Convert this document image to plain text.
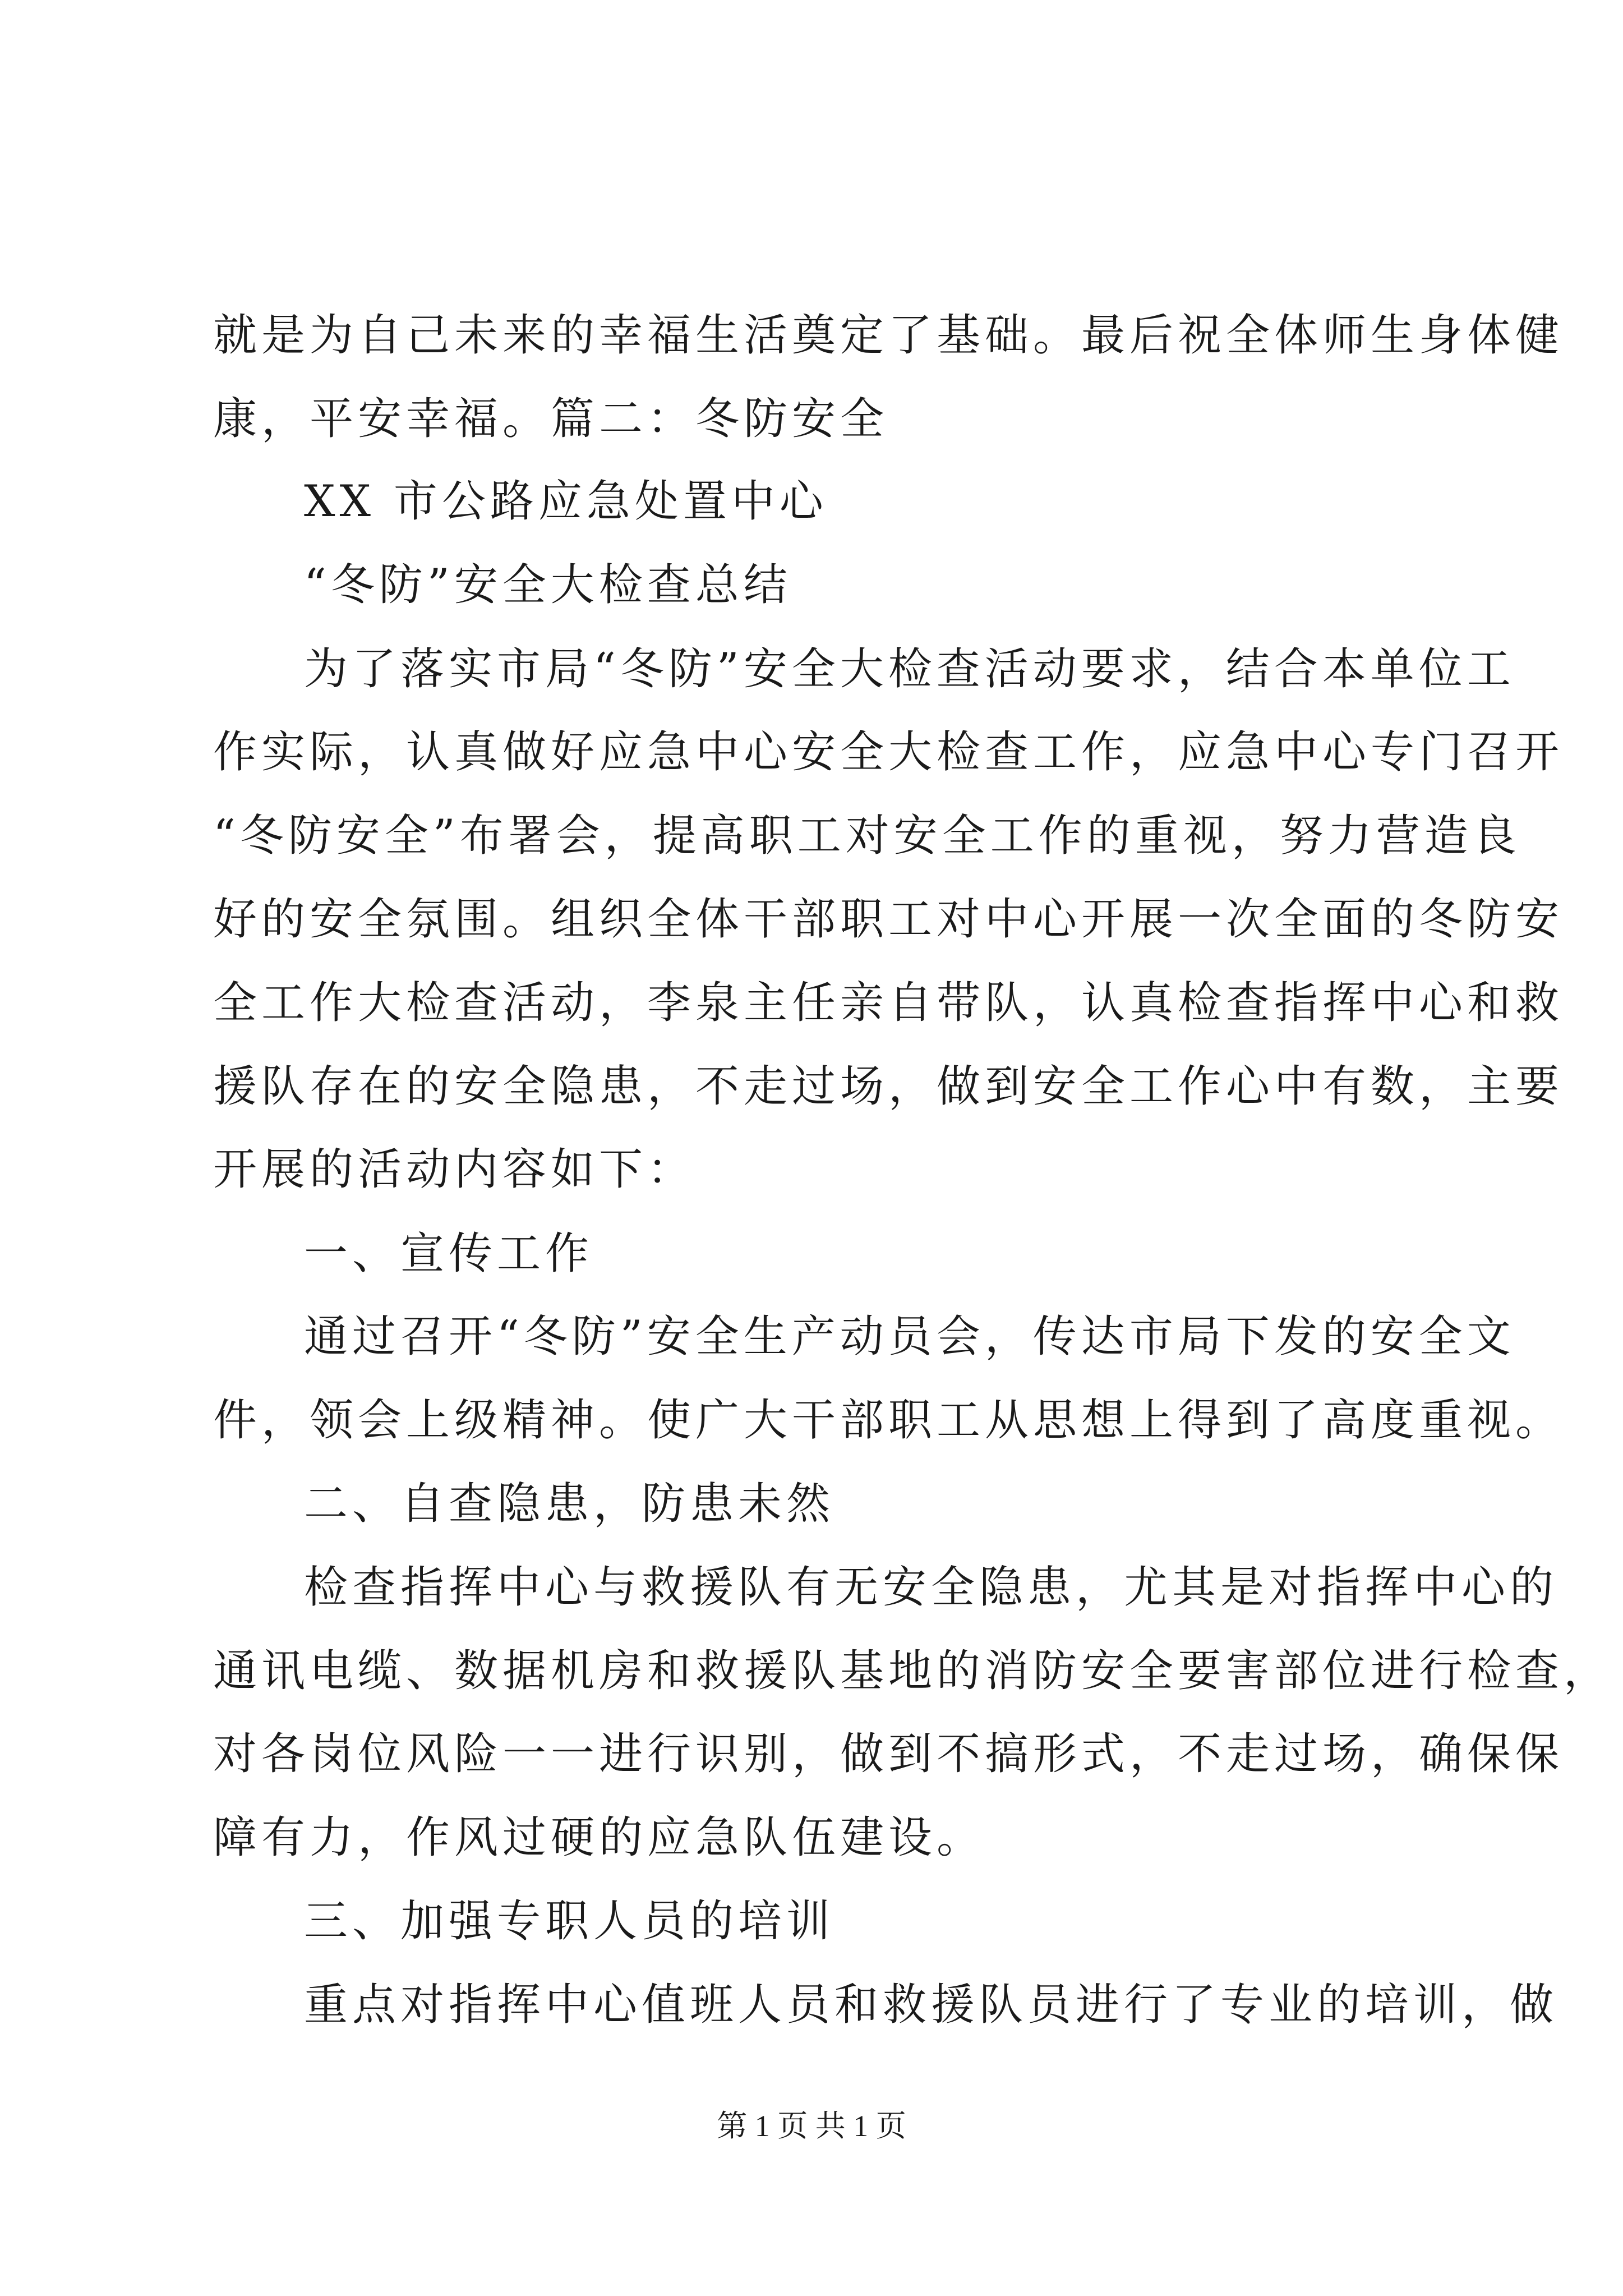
就是为自己未来的幸福生活奠定了基础。最后祝全体师生身体健
康，平安幸福。篇二：冬防安全
XX 市公路应急处置中心
“冬防”安全大检查总结
为了落实市局“冬防”安全大检查活动要求，结合本单位工
作实际，认真做好应急中心安全大检查工作，应急中心专门召开
“冬防安全”布署会，提高职工对安全工作的重视，努力营造良
好的安全氛围。组织全体干部职工对中心开展一次全面的冬防安
全工作大检查活动，李泉主任亲自带队，认真检查指挥中心和救
援队存在的安全隐患，不走过场，做到安全工作心中有数，主要
开展的活动内容如下：
一、宣传工作
通过召开“冬防”安全生产动员会，传达市局下发的安全文
件，领会上级精神。使广大干部职工从思想上得到了高度重视。
二、自查隐患，防患未然
检查指挥中心与救援队有无安全隐患，尤其是对指挥中心的
通讯电缆、数据机房和救援队基地的消防安全要害部位进行检查，
对各岗位风险一一进行识别，做到不搞形式，不走过场，确保保
障有力，作风过硬的应急队伍建设。
三、加强专职人员的培训
重点对指挥中心值班人员和救援队员进行了专业的培训，做
第 1 页 共 1 页
